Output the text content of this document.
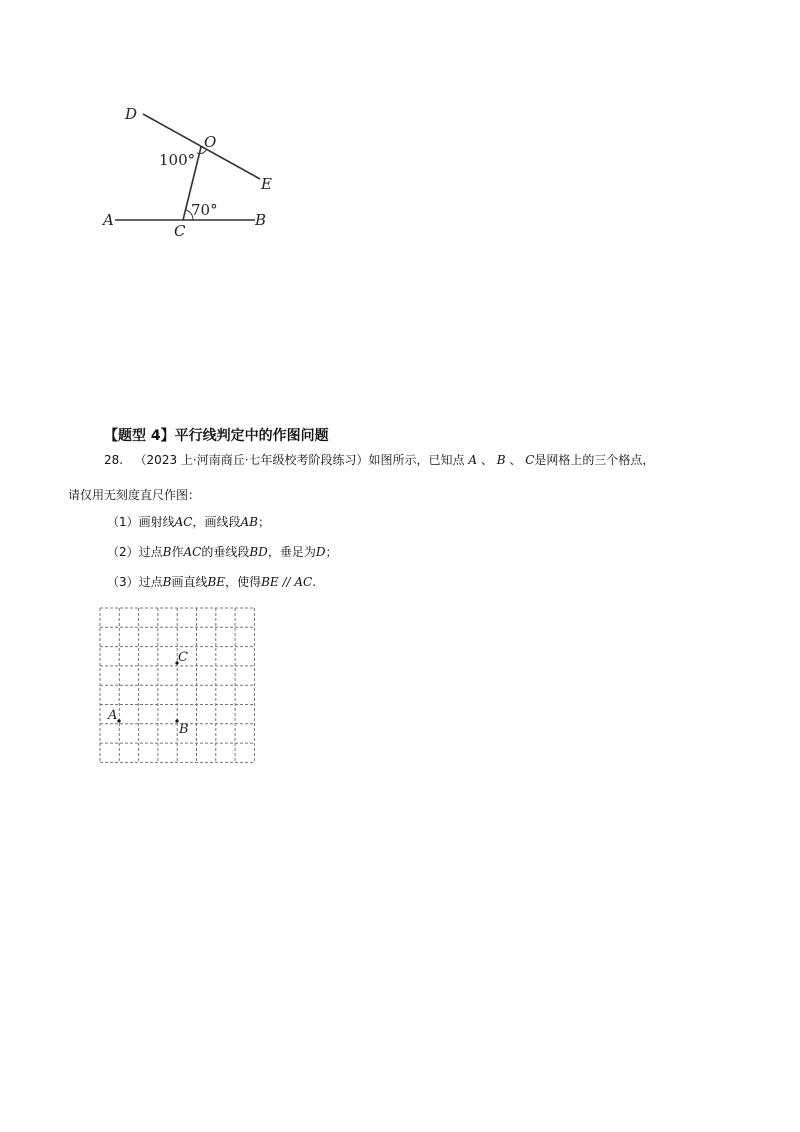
D
O
E
A
C
B
100°
70°
【题型 4】平行线判定中的作图问题
28. （2023 上·河南商丘·七年级校考阶段练习）如图所示，已知点 A 、 B 、 C是网格上的三个格点，
请仅用无刻度直尺作图：
（1）画射线AC，画线段AB；
（2）过点B作AC的垂线段BD，垂足为D；
（3）过点B画直线BE，使得BE // AC.
C
A
B
